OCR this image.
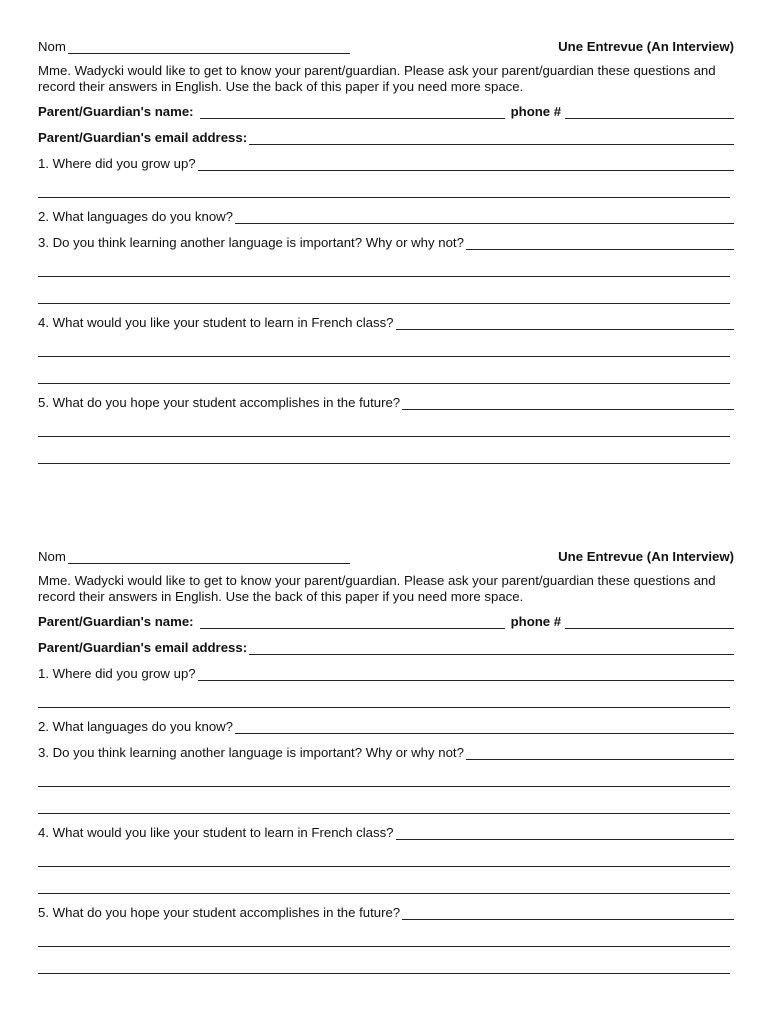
Nom	Une Entrevue (An Interview)
Mme. Wadycki would like to get to know your parent/guardian. Please ask your parent/guardian these questions and record their answers in English. Use the back of this paper if you need more space.
Parent/Guardian's name:	phone #
Parent/Guardian's email address:
1. Where did you grow up?
2. What languages do you know?
3. Do you think learning another language is important? Why or why not?
4. What would you like your student to learn in French class?
5. What do you hope your student accomplishes in the future?
Nom	Une Entrevue (An Interview)
Mme. Wadycki would like to get to know your parent/guardian. Please ask your parent/guardian these questions and record their answers in English. Use the back of this paper if you need more space.
Parent/Guardian's name:	phone #
Parent/Guardian's email address:
1. Where did you grow up?
2. What languages do you know?
3. Do you think learning another language is important? Why or why not?
4. What would you like your student to learn in French class?
5. What do you hope your student accomplishes in the future?
